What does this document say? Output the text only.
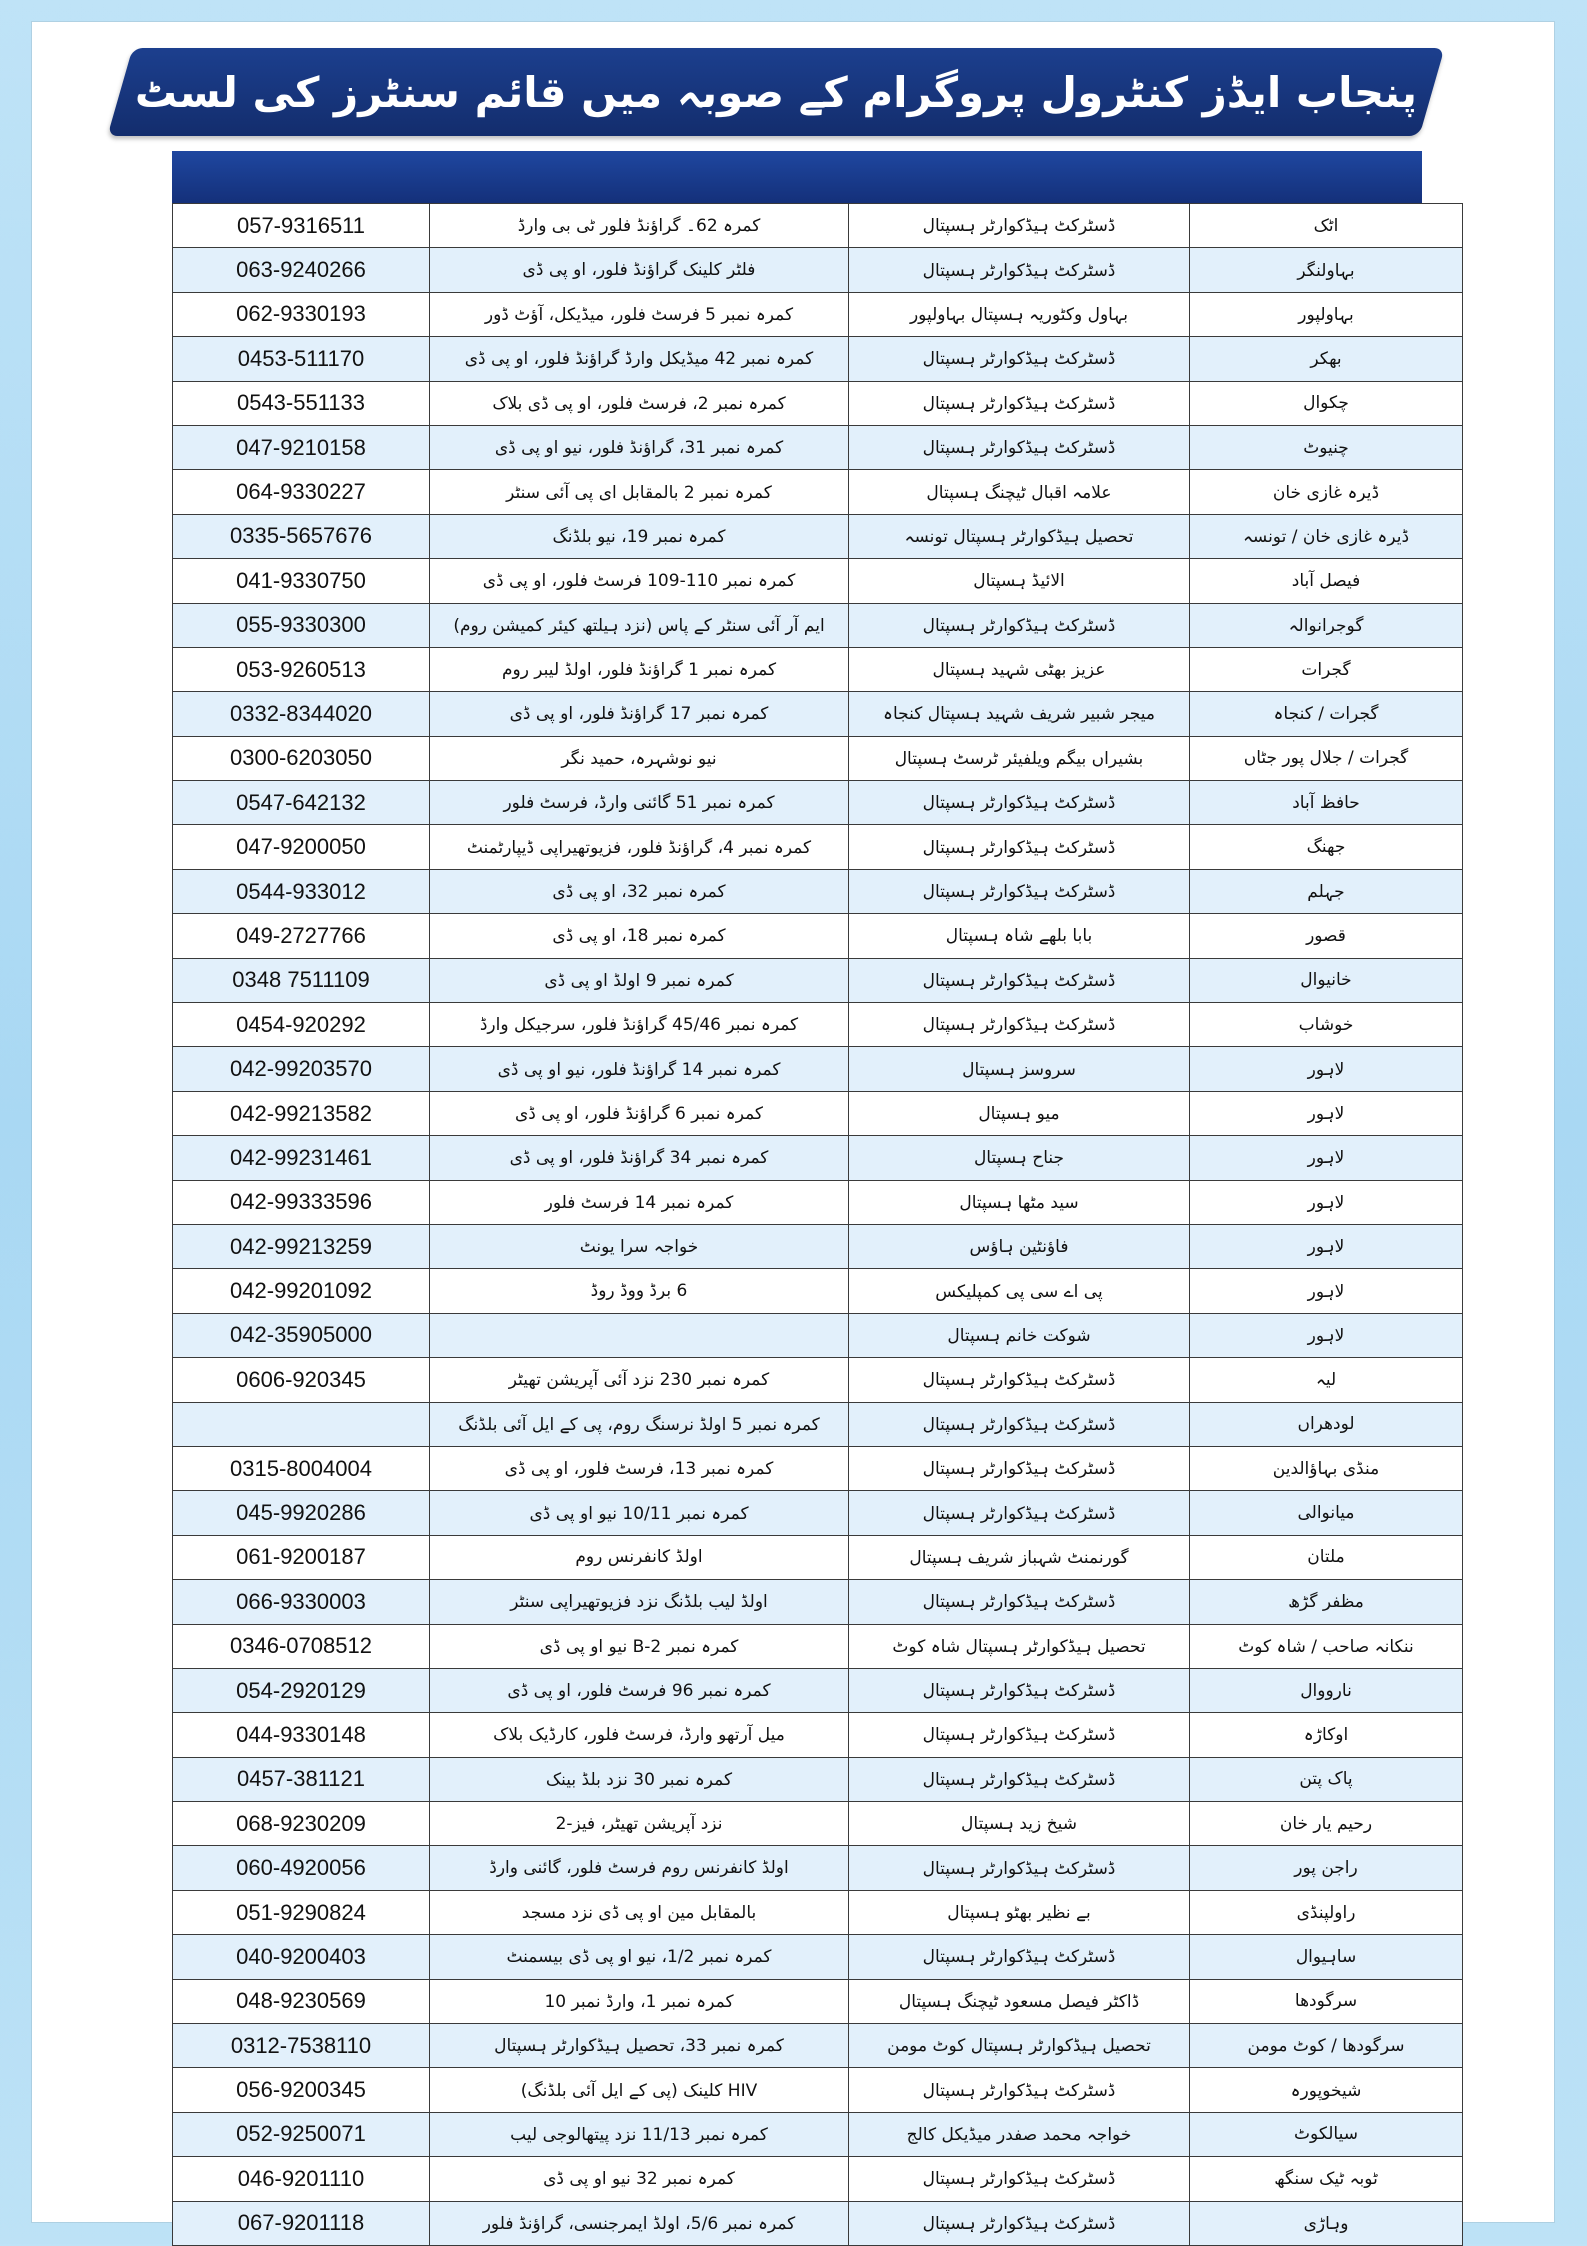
پنجاب ایڈز کنٹرول پروگرام کے صوبہ میں قائم سنٹرز کی لسٹ
057-9316511	کمرہ 62۔ گراؤنڈ فلور ٹی بی وارڈ	ڈسٹرکٹ ہیڈکوارٹر ہسپتال	اٹک
063-9240266	فلٹر کلینک گراؤنڈ فلور، او پی ڈی	ڈسٹرکٹ ہیڈکوارٹر ہسپتال	بہاولنگر
062-9330193	کمرہ نمبر 5 فرسٹ فلور، میڈیکل، آؤٹ ڈور	بہاول وکٹوریہ ہسپتال بہاولپور	بہاولپور
0453-511170	کمرہ نمبر 42 میڈیکل وارڈ گراؤنڈ فلور، او پی ڈی	ڈسٹرکٹ ہیڈکوارٹر ہسپتال	بھکر
0543-551133	کمرہ نمبر 2، فرسٹ فلور، او پی ڈی بلاک	ڈسٹرکٹ ہیڈکوارٹر ہسپتال	چکوال
047-9210158	کمرہ نمبر 31، گراؤنڈ فلور، نیو او پی ڈی	ڈسٹرکٹ ہیڈکوارٹر ہسپتال	چنیوٹ
064-9330227	کمرہ نمبر 2 بالمقابل ای پی آئی سنٹر	علامہ اقبال ٹیچنگ ہسپتال	ڈیرہ غازی خان
0335-5657676	کمرہ نمبر 19، نیو بلڈنگ	تحصیل ہیڈکوارٹر ہسپتال تونسہ	ڈیرہ غازی خان / تونسہ
041-9330750	کمرہ نمبر 110-109 فرسٹ فلور، او پی ڈی	الائیڈ ہسپتال	فیصل آباد
055-9330300	ایم آر آئی سنٹر کے پاس (نزد ہیلتھ کیئر کمیشن روم)	ڈسٹرکٹ ہیڈکوارٹر ہسپتال	گوجرانوالہ
053-9260513	کمرہ نمبر 1 گراؤنڈ فلور، اولڈ لیبر روم	عزیز بھٹی شہید ہسپتال	گجرات
0332-8344020	کمرہ نمبر 17 گراؤنڈ فلور، او پی ڈی	میجر شبیر شریف شہید ہسپتال کنجاہ	گجرات / کنجاہ
0300-6203050	نیو نوشہرہ، حمید نگر	بشیراں بیگم ویلفیئر ٹرسٹ ہسپتال	گجرات / جلال پور جٹاں
0547-642132	کمرہ نمبر 51 گائنی وارڈ، فرسٹ فلور	ڈسٹرکٹ ہیڈکوارٹر ہسپتال	حافظ آباد
047-9200050	کمرہ نمبر 4، گراؤنڈ فلور، فزیوتھیراپی ڈیپارٹمنٹ	ڈسٹرکٹ ہیڈکوارٹر ہسپتال	جھنگ
0544-933012	کمرہ نمبر 32، او پی ڈی	ڈسٹرکٹ ہیڈکوارٹر ہسپتال	جہلم
049-2727766	کمرہ نمبر 18، او پی ڈی	بابا بلھے شاہ ہسپتال	قصور
0348 7511109	کمرہ نمبر 9 اولڈ او پی ڈی	ڈسٹرکٹ ہیڈکوارٹر ہسپتال	خانیوال
0454-920292	کمرہ نمبر 45/46 گراؤنڈ فلور، سرجیکل وارڈ	ڈسٹرکٹ ہیڈکوارٹر ہسپتال	خوشاب
042-99203570	کمرہ نمبر 14 گراؤنڈ فلور، نیو او پی ڈی	سروسز ہسپتال	لاہور
042-99213582	کمرہ نمبر 6 گراؤنڈ فلور، او پی ڈی	میو ہسپتال	لاہور
042-99231461	کمرہ نمبر 34 گراؤنڈ فلور، او پی ڈی	جناح ہسپتال	لاہور
042-99333596	کمرہ نمبر 14 فرسٹ فلور	سید مٹھا ہسپتال	لاہور
042-99213259	خواجہ سرا یونٹ	فاؤنٹین ہاؤس	لاہور
042-99201092	6 برڈ ووڈ روڈ	پی اے سی پی کمپلیکس	لاہور
042-35905000		شوکت خانم ہسپتال	لاہور
0606-920345	کمرہ نمبر 230 نزد آئی آپریشن تھیٹر	ڈسٹرکٹ ہیڈکوارٹر ہسپتال	لیہ
	کمرہ نمبر 5 اولڈ نرسنگ روم، پی کے ایل آئی بلڈنگ	ڈسٹرکٹ ہیڈکوارٹر ہسپتال	لودھراں
0315-8004004	کمرہ نمبر 13، فرسٹ فلور، او پی ڈی	ڈسٹرکٹ ہیڈکوارٹر ہسپتال	منڈی بہاؤالدین
045-9920286	کمرہ نمبر 10/11 نیو او پی ڈی	ڈسٹرکٹ ہیڈکوارٹر ہسپتال	میانوالی
061-9200187	اولڈ کانفرنس روم	گورنمنٹ شہباز شریف ہسپتال	ملتان
066-9330003	اولڈ لیب بلڈنگ نزد فزیوتھیراپی سنٹر	ڈسٹرکٹ ہیڈکوارٹر ہسپتال	مظفر گڑھ
0346-0708512	کمرہ نمبر 2-B نیو او پی ڈی	تحصیل ہیڈکوارٹر ہسپتال شاہ کوٹ	ننکانہ صاحب / شاہ کوٹ
054-2920129	کمرہ نمبر 96 فرسٹ فلور، او پی ڈی	ڈسٹرکٹ ہیڈکوارٹر ہسپتال	نارووال
044-9330148	میل آرتھو وارڈ، فرسٹ فلور، کارڈیک بلاک	ڈسٹرکٹ ہیڈکوارٹر ہسپتال	اوکاڑہ
0457-381121	کمرہ نمبر 30 نزد بلڈ بینک	ڈسٹرکٹ ہیڈکوارٹر ہسپتال	پاک پتن
068-9230209	نزد آپریشن تھیٹر، فیز-2	شیخ زید ہسپتال	رحیم یار خان
060-4920056	اولڈ کانفرنس روم فرسٹ فلور، گائنی وارڈ	ڈسٹرکٹ ہیڈکوارٹر ہسپتال	راجن پور
051-9290824	بالمقابل مین او پی ڈی نزد مسجد	بے نظیر بھٹو ہسپتال	راولپنڈی
040-9200403	کمرہ نمبر 1/2، نیو او پی ڈی بیسمنٹ	ڈسٹرکٹ ہیڈکوارٹر ہسپتال	ساہیوال
048-9230569	کمرہ نمبر 1، وارڈ نمبر 10	ڈاکٹر فیصل مسعود ٹیچنگ ہسپتال	سرگودھا
0312-7538110	کمرہ نمبر 33، تحصیل ہیڈکوارٹر ہسپتال	تحصیل ہیڈکوارٹر ہسپتال کوٹ مومن	سرگودھا / کوٹ مومن
056-9200345	HIV کلینک (پی کے ایل آئی بلڈنگ)	ڈسٹرکٹ ہیڈکوارٹر ہسپتال	شیخوپورہ
052-9250071	کمرہ نمبر 11/13 نزد پیتھالوجی لیب	خواجہ محمد صفدر میڈیکل کالج	سیالکوٹ
046-9201110	کمرہ نمبر 32 نیو او پی ڈی	ڈسٹرکٹ ہیڈکوارٹر ہسپتال	ٹوبہ ٹیک سنگھ
067-9201118	کمرہ نمبر 5/6، اولڈ ایمرجنسی، گراؤنڈ فلور	ڈسٹرکٹ ہیڈکوارٹر ہسپتال	وہاڑی
